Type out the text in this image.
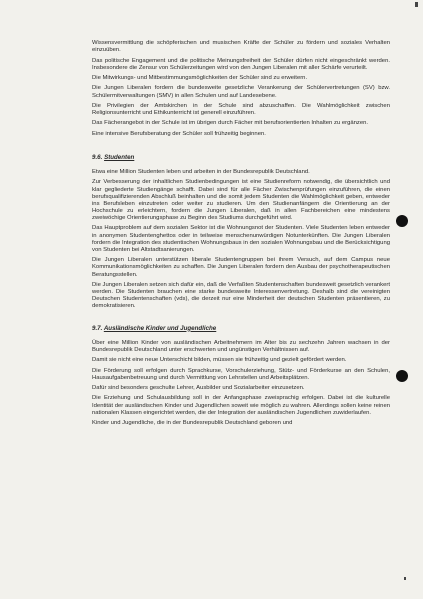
Wissensvermittlung die schöpferischen und musischen Kräfte der Schüler zu fördern und soziales Verhalten einzuüben.

Das politische Engagement und die politische Meinungsfreiheit der Schüler dürfen nicht eingeschränkt werden. Insbesondere die Zensur von Schülerzeitungen wird von den Jungen Liberalen mit aller Schärfe verurteilt.

Die Mitwirkungs- und Mitbestimmungsmöglichkeiten der Schüler sind zu erweitern.

Die Jungen Liberalen fordern die bundesweite gesetzliche Verankerung der Schülervertretungen (SV) bzw. Schülermitverwaltungen (SMV) in allen Schulen und auf Landesebene.

Die Privilegien der Amtskirchen in der Schule sind abzuschaffen. Die Wahlmöglichkeit zwischen Religionsunterricht und Ethikunterricht ist generell einzuführen.

Das Fächerangebot in der Schule ist im übrigen durch Fächer mit berufsorientierten Inhalten zu ergänzen.

Eine intensive Berufsberatung der Schüler soll frühzeitig beginnen.

9.6. Studenten

Etwa eine Million Studenten leben und arbeiten in der Bundesrepublik Deutschland.

Zur Verbesserung der inhaltlichen Studienbedingungen ist eine Studienreform notwendig, die übersichtlich und klar gegliederte Studiengänge schafft. Dabei sind für alle Fächer Zwischenprüfungen einzuführen, die einen berufsqualifizierenden Abschluß beinhalten und die somit jedem Studenten die Wahlmöglichkeit geben, entweder ins Berufsleben einzutreten oder weiter zu studieren. Um den Studienanfängern die Orientierung an der Hochschule zu erleichtern, fordern die Jungen Liberalen, daß in allen Fachbereichen eine mindestens zweiwöchige Orientierungsphase zu Beginn des Studiums durchgeführt wird.

Das Hauptproblem auf dem sozialen Sektor ist die Wohnungsnot der Studenten. Viele Studenten leben entweder in anonymen Studentenghettos oder in teilweise menschenunwürdigen Notunterkünften. Die Jungen Liberalen fordern die Integration des studentischen Wohnungsbaus in den sozialen Wohnungsbau und die Berücksichtigung von Studenten bei Altstadtsanierungen.

Die Jungen Liberalen unterstützen liberale Studentengruppen bei ihrem Versuch, auf dem Campus neue Kommunikationsmöglichkeiten zu schaffen. Die Jungen Liberalen fordern den Ausbau der psychotherapeutischen Beratungsstellen.

Die Jungen Liberalen setzen sich dafür ein, daß die Verfaßten Studentenschaften bundesweit gesetzlich verankert werden. Die Studenten brauchen eine starke bundesweite Interessenvertretung. Deshalb sind die vereinigten Deutschen Studentenschaften (vds), die derzeit nur eine Minderheit der deutschen Studenten präsentieren, zu demokratisieren.

9.7. Ausländische Kinder und Jugendliche

Über eine Million Kinder von ausländischen Arbeitnehmern im Alter bis zu sechzehn Jahren wachsen in der Bundesrepublik Deutschland unter erschwerten und ungünstigen Verhältnissen auf.

Damit sie nicht eine neue Unterschicht bilden, müssen sie frühzeitig und gezielt gefördert werden.

Die Förderung soll erfolgen durch Sprachkurse, Vorschulerziehung, Stütz- und Förderkurse an den Schulen, Hausaufgabenbetreuung und durch Vermittlung von Lehrstellen und Arbeitsplätzen.

Dafür sind besonders geschulte Lehrer, Ausbilder und Sozialarbeiter einzusetzen.

Die Erziehung und Schulausbildung soll in der Anfangsphase zweisprachig erfolgen. Dabei ist die kulturelle Identität der ausländischen Kinder und Jugendlichen soweit wie möglich zu wahren. Allerdings sollen keine reinen nationalen Klassen eingerichtet werden, die der Integration der ausländischen Jugendlichen zuwiderlaufen.

Kinder und Jugendliche, die in der Bundesrepublik Deutschland geboren und
